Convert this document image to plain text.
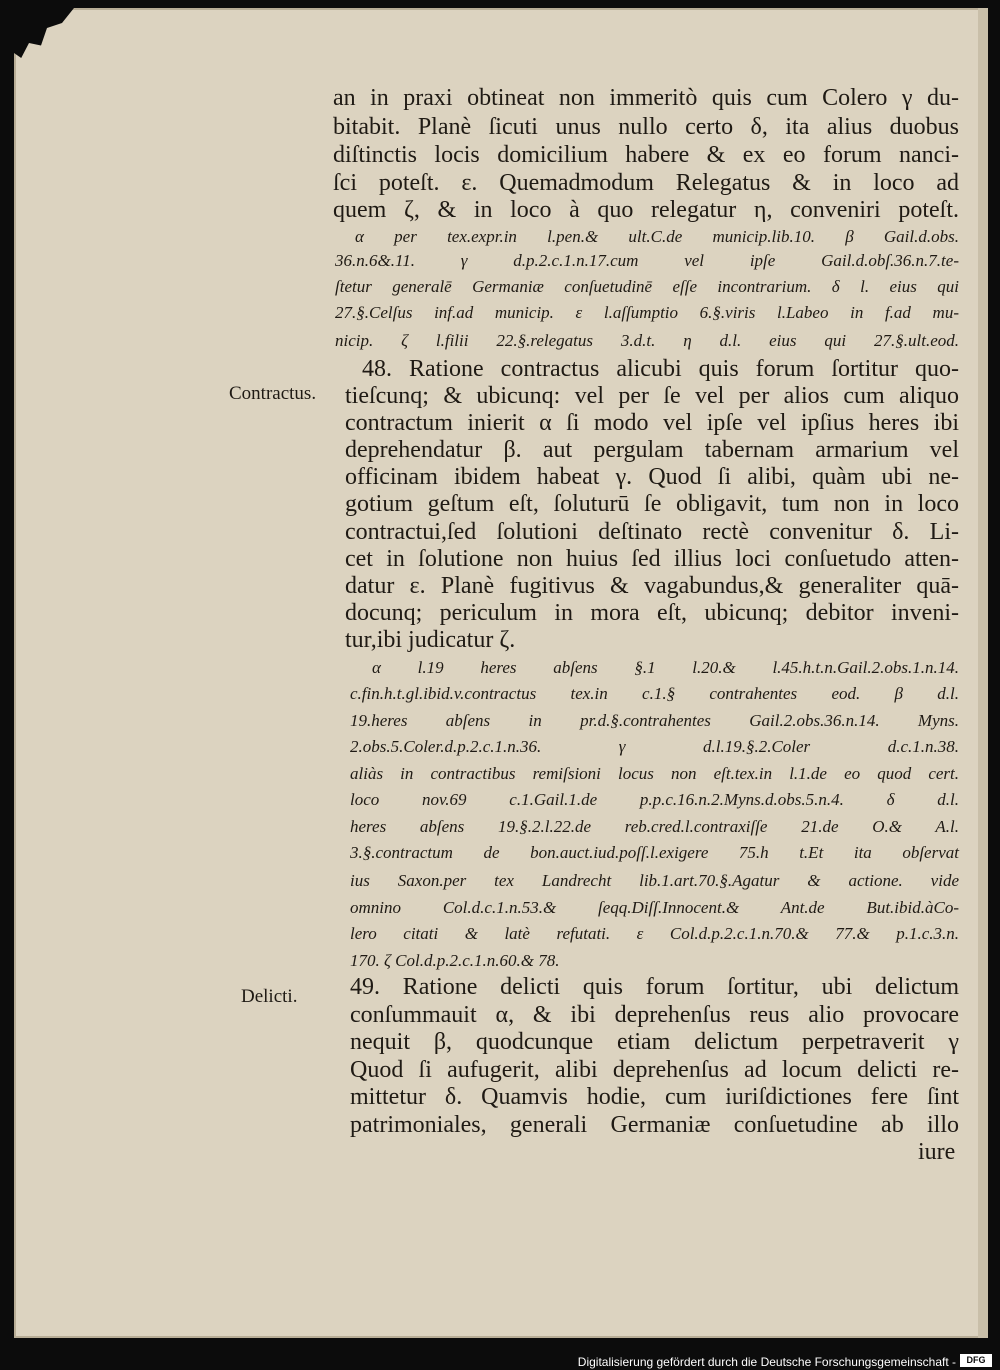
an in praxi obtineat non immeritò quis cum Colero γ du-
bitabit. Planè ſicuti unus nullo certo δ, ita alius duobus
diſtinctis locis domicilium habere & ex eo forum nanci-
ſci poteſt. ε. Quemadmodum Relegatus & in loco ad
quem ζ, & in loco à quo relegatur η, conveniri poteſt.
α per tex.expr.in l.pen.& ult.C.de municip.lib.10. β Gail.d.obs.
36.n.6&.11. γ d.p.2.c.1.n.17.cum vel ipſe Gail.d.obſ.36.n.7.te-
ſtetur generalē Germaniæ conſuetudinē eſſe incontrarium. δ l. eius qui
27.§.Celſus inf.ad municip. ε l.aſſumptio 6.§.viris l.Labeo in f.ad mu-
nicip. ζ l.filii 22.§.relegatus 3.d.t. η d.l. eius qui 27.§.ult.eod.
Contractus.
48. Ratione contractus alicubi quis forum ſortitur quo-
tieſcunq; & ubicunq: vel per ſe vel per alios cum aliquo
contractum inierit α ſi modo vel ipſe vel ipſius heres ibi
deprehendatur β. aut pergulam tabernam armarium vel
officinam ibidem habeat γ. Quod ſi alibi, quàm ubi ne-
gotium geſtum eſt, ſoluturū ſe obligavit, tum non in loco
contractui,ſed ſolutioni deſtinato rectè convenitur δ. Li-
cet in ſolutione non huius ſed illius loci conſuetudo atten-
datur ε. Planè fugitivus & vagabundus,& generaliter quā-
docunq; periculum in mora eſt, ubicunq; debitor inveni-
tur,ibi judicatur ζ.
α l.19 heres abſens §.1 l.20.& l.45.h.t.n.Gail.2.obs.1.n.14.
c.fin.h.t.gl.ibid.v.contractus tex.in c.1.§ contrahentes eod. β d.l.
19.heres abſens in pr.d.§.contrahentes Gail.2.obs.36.n.14. Myns.
2.obs.5.Coler.d.p.2.c.1.n.36. γ d.l.19.§.2.Coler d.c.1.n.38.
aliàs in contractibus remiſsioni locus non eſt.tex.in l.1.de eo quod cert.
loco nov.69 c.1.Gail.1.de p.p.c.16.n.2.Myns.d.obs.5.n.4. δ d.l.
heres abſens 19.§.2.l.22.de reb.cred.l.contraxiſſe 21.de O.& A.l.
3.§.contractum de bon.auct.iud.poſſ.l.exigere 75.h t.Et ita obſervat
ius Saxon.per tex Landrecht lib.1.art.70.§.Agatur & actione. vide
omnino Col.d.c.1.n.53.& ſeqq.Diſſ.Innocent.& Ant.de But.ibid.àCo-
lero citati & latè refutati. ε Col.d.p.2.c.1.n.70.& 77.& p.1.c.3.n.
170. ζ Col.d.p.2.c.1.n.60.& 78.
Delicti. 49. Ratione delicti quis forum ſortitur, ubi delictum
conſummauit α, & ibi deprehenſus reus alio provocare
nequit β, quodcunque etiam delictum perpetraverit γ
Quod ſi aufugerit, alibi deprehenſus ad locum delicti re-
mittetur δ. Quamvis hodie, cum iuriſdictiones fere ſint
patrimoniales, generali Germaniæ conſuetudine ab illo
iure
Digitalisierung gefördert durch die Deutsche Forschungsgemeinschaft -	DFG
